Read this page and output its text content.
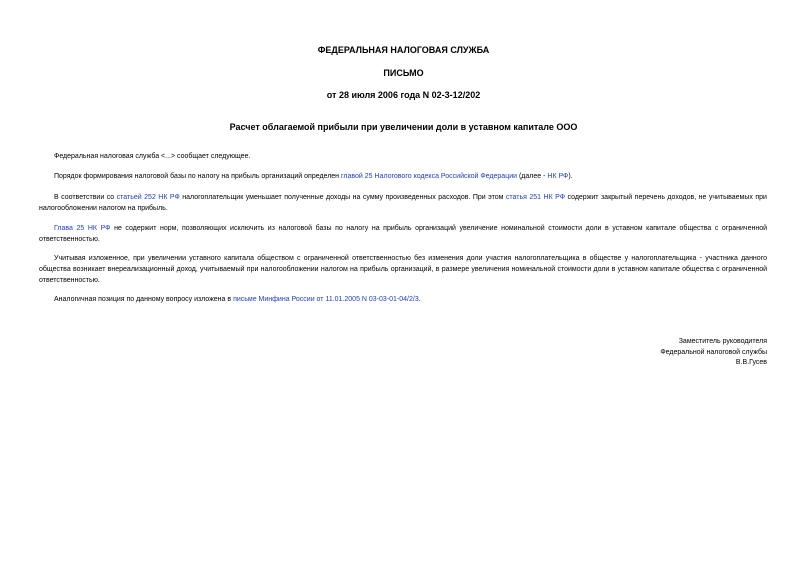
ФЕДЕРАЛЬНАЯ НАЛОГОВАЯ СЛУЖБА
ПИСЬМО
от 28 июля 2006 года N 02-3-12/202
Расчет облагаемой прибыли при увеличении доли в уставном капитале ООО
Федеральная налоговая служба <...> сообщает следующее.
Порядок формирования налоговой базы по налогу на прибыль организаций определен главой 25 Налогового кодекса Российской Федерации (далее - НК РФ).
В соответствии со статьей 252 НК РФ налогоплательщик уменьшает полученные доходы на сумму произведенных расходов. При этом статья 251 НК РФ содержит закрытый перечень доходов, не учитываемых при налогообложении налогом на прибыль.
Глава 25 НК РФ не содержит норм, позволяющих исключить из налоговой базы по налогу на прибыль организаций увеличение номинальной стоимости доли в уставном капитале общества с ограниченной ответственностью.
Учитывая изложенное, при увеличении уставного капитала обществом с ограниченной ответственностью без изменения доли участия налогоплательщика в обществе у налогоплательщика - участника данного общества возникает внереализационный доход, учитываемый при налогообложении налогом на прибыль организаций, в размере увеличения номинальной стоимости доли в уставном капитале общества с ограниченной ответственностью.
Аналогичная позиция по данному вопросу изложена в письме Минфина России от 11.01.2005 N 03-03-01-04/2/3.
Заместитель руководителя
Федеральной налоговой службы
В.В.Гусев
